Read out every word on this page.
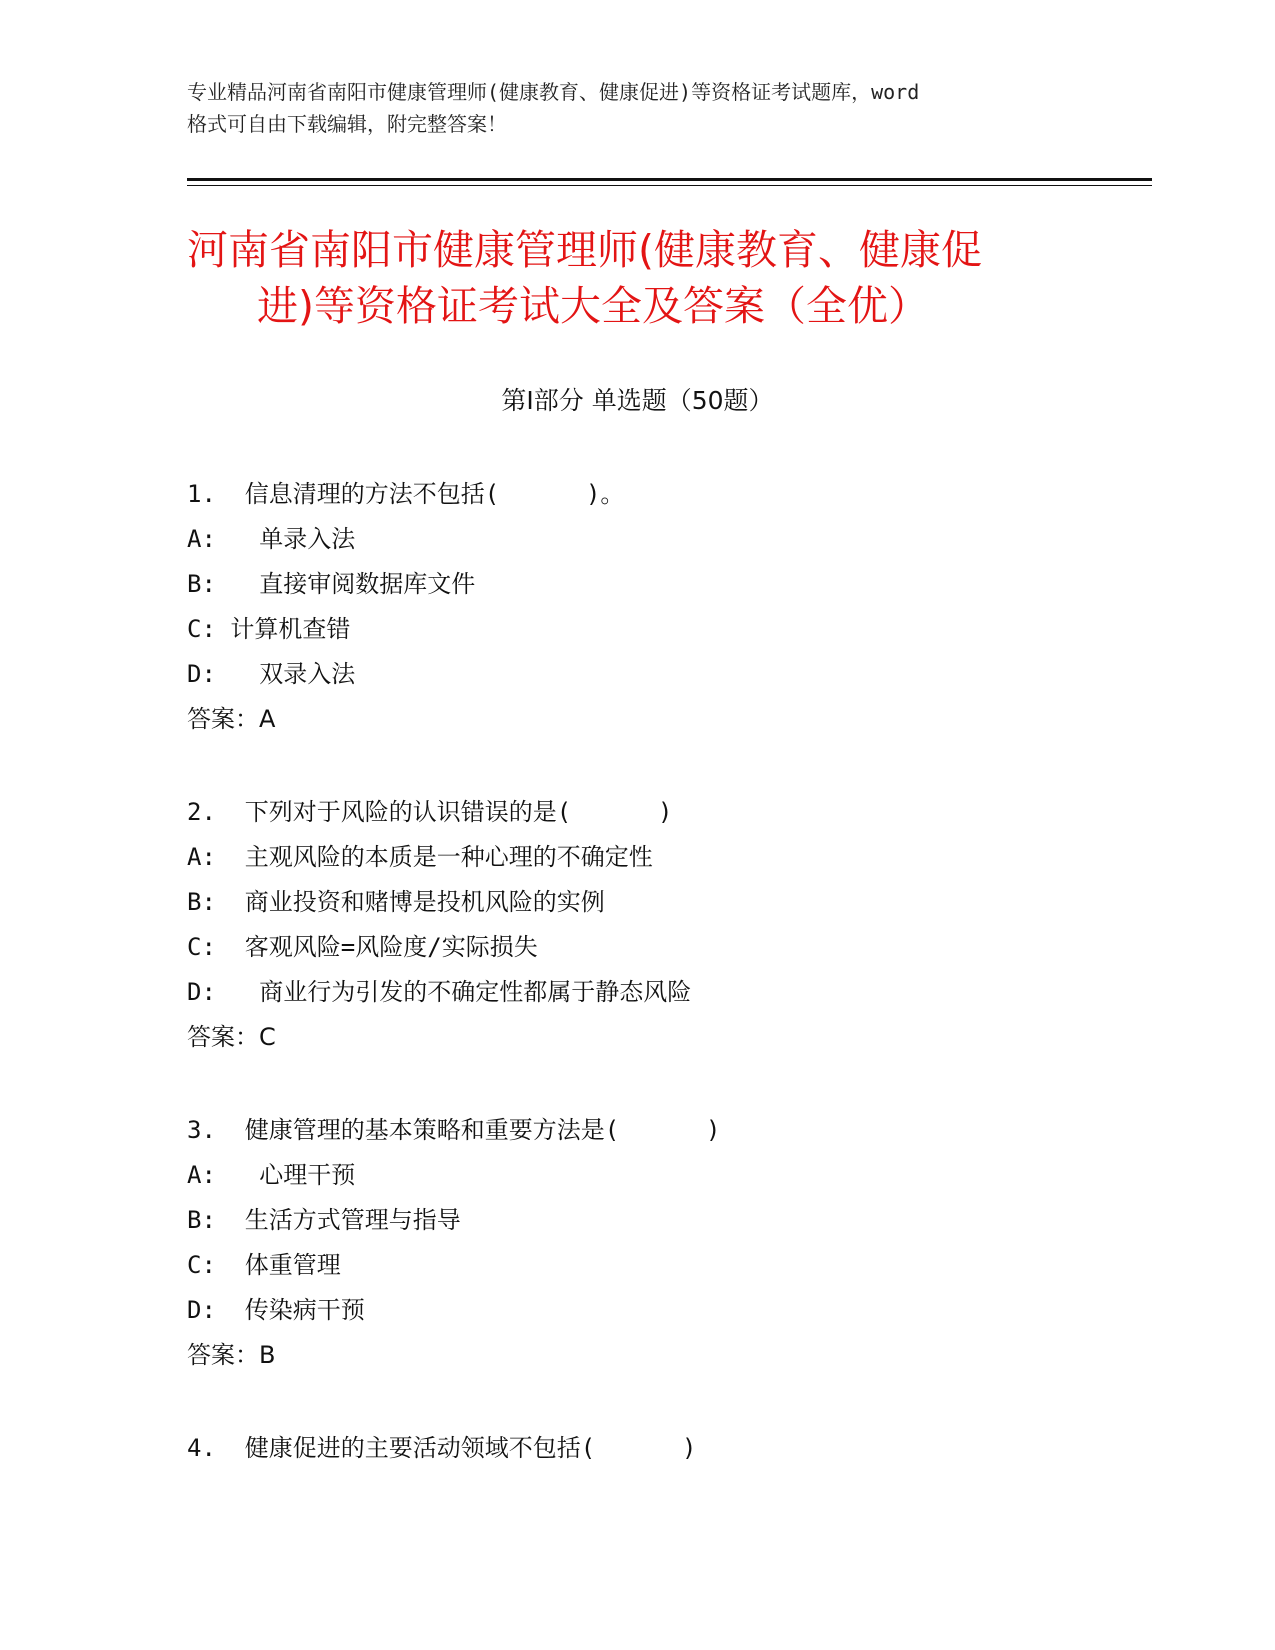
专业精品河南省南阳市健康管理师(健康教育、健康促进)等资格证考试题库，word
格式可自由下载编辑，附完整答案！
河南省南阳市健康管理师(健康教育、健康促
进)等资格证考试大全及答案（全优）
第Ⅰ部分 单选题（50题）
1.  信息清理的方法不包括(      )。
A:   单录入法
B:   直接审阅数据库文件
C: 计算机查错
D:   双录入法
答案：A
2.  下列对于风险的认识错误的是(      )
A:  主观风险的本质是一种心理的不确定性
B:  商业投资和赌博是投机风险的实例
C:  客观风险=风险度/实际损失
D:   商业行为引发的不确定性都属于静态风险
答案：C
3.  健康管理的基本策略和重要方法是(      )
A:   心理干预
B:  生活方式管理与指导
C:  体重管理
D:  传染病干预
答案：B
4.  健康促进的主要活动领域不包括(      )
